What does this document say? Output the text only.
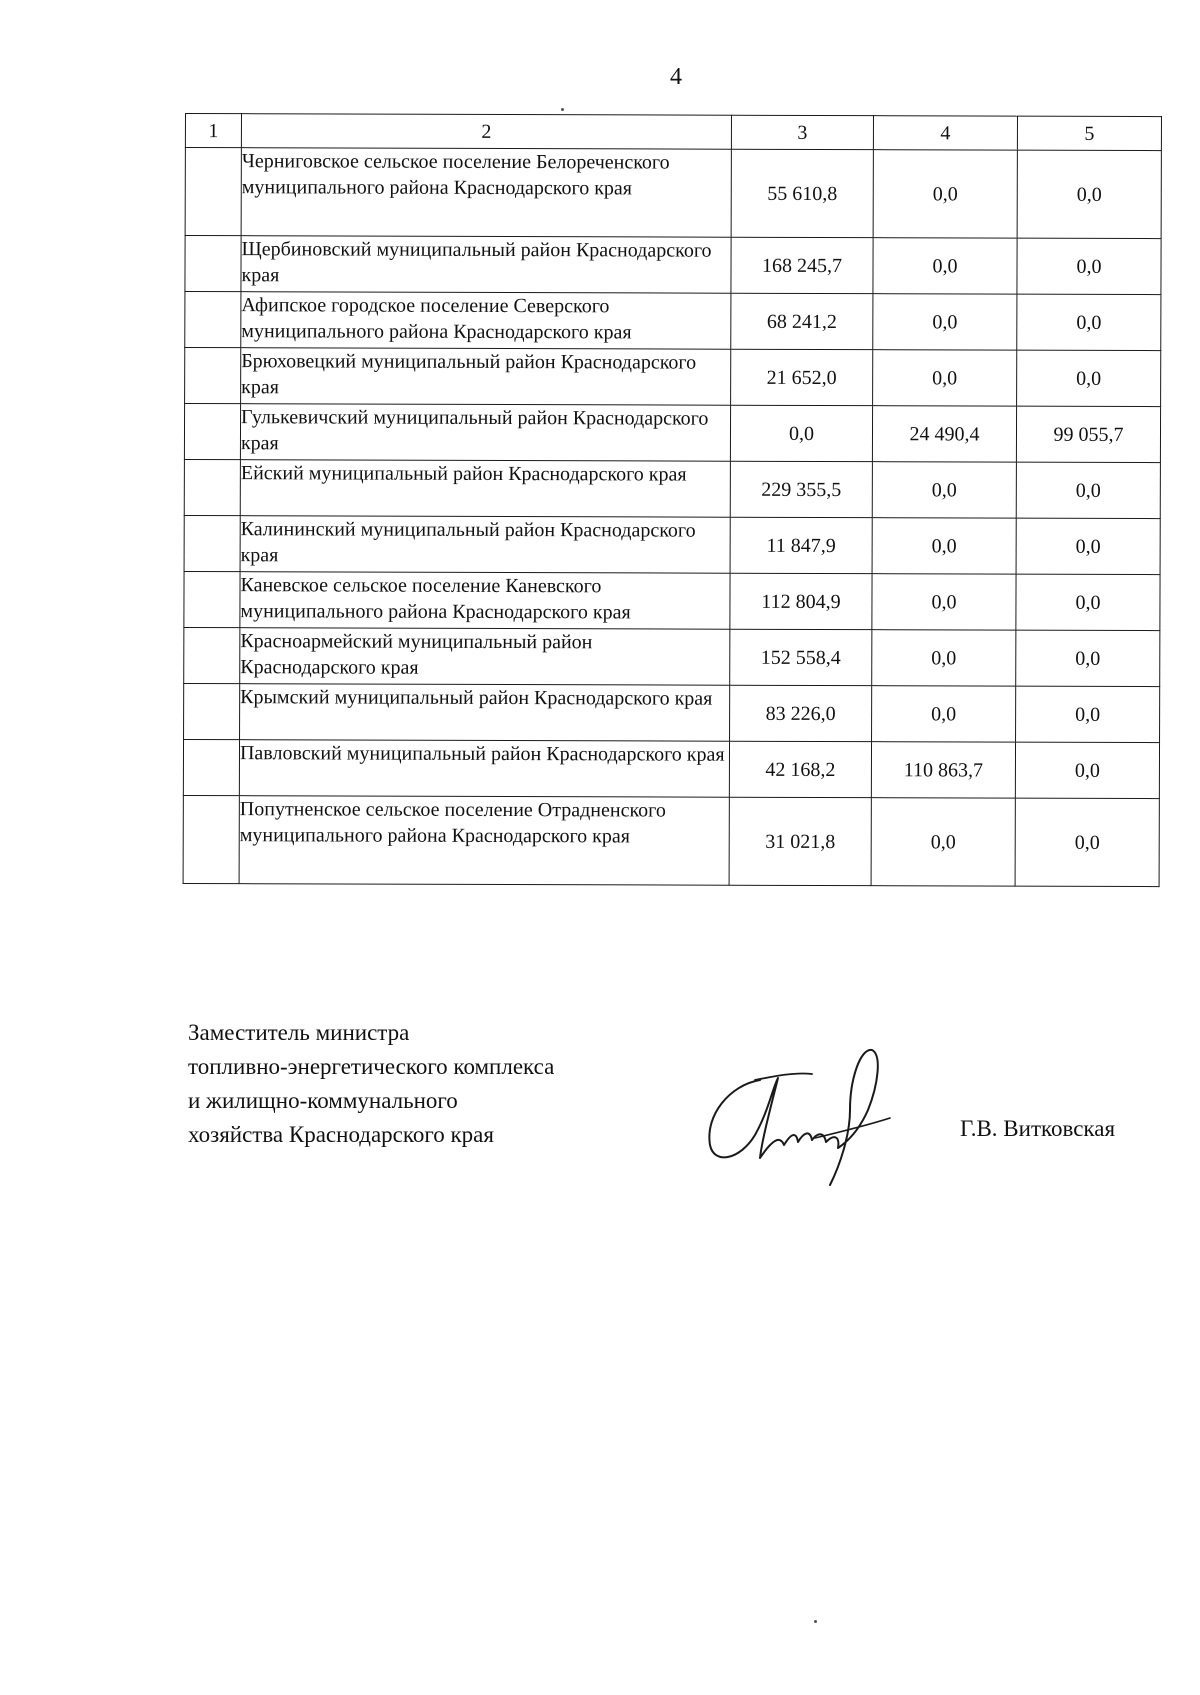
4
1	2	3	4	5
	Черниговское сельское поселение Белореченского муниципального района Краснодарского края	55 610,8	0,0	0,0
	Щербиновский муниципальный район Краснодарского края	168 245,7	0,0	0,0
	Афипское городское поселение Северского муниципального района Краснодарского края	68 241,2	0,0	0,0
	Брюховецкий муниципальный район Краснодарского края	21 652,0	0,0	0,0
	Гулькевичский муниципальный район Краснодарского края	0,0	24 490,4	99 055,7
	Ейский муниципальный район Краснодарского края	229 355,5	0,0	0,0
	Калининский муниципальный район Краснодарского края	11 847,9	0,0	0,0
	Каневское сельское поселение Каневского муниципального района Краснодарского края	112 804,9	0,0	0,0
	Красноармейский муниципальный район Краснодарского края	152 558,4	0,0	0,0
	Крымский муниципальный район Краснодарского края	83 226,0	0,0	0,0
	Павловский муниципальный район Краснодарского края	42 168,2	110 863,7	0,0
	Попутненское сельское поселение Отрадненского муниципального района Краснодарского края	31 021,8	0,0	0,0
Заместитель министра
топливно-энергетического комплекса
и жилищно-коммунального
хозяйства Краснодарского края	Г.В. Витковская
